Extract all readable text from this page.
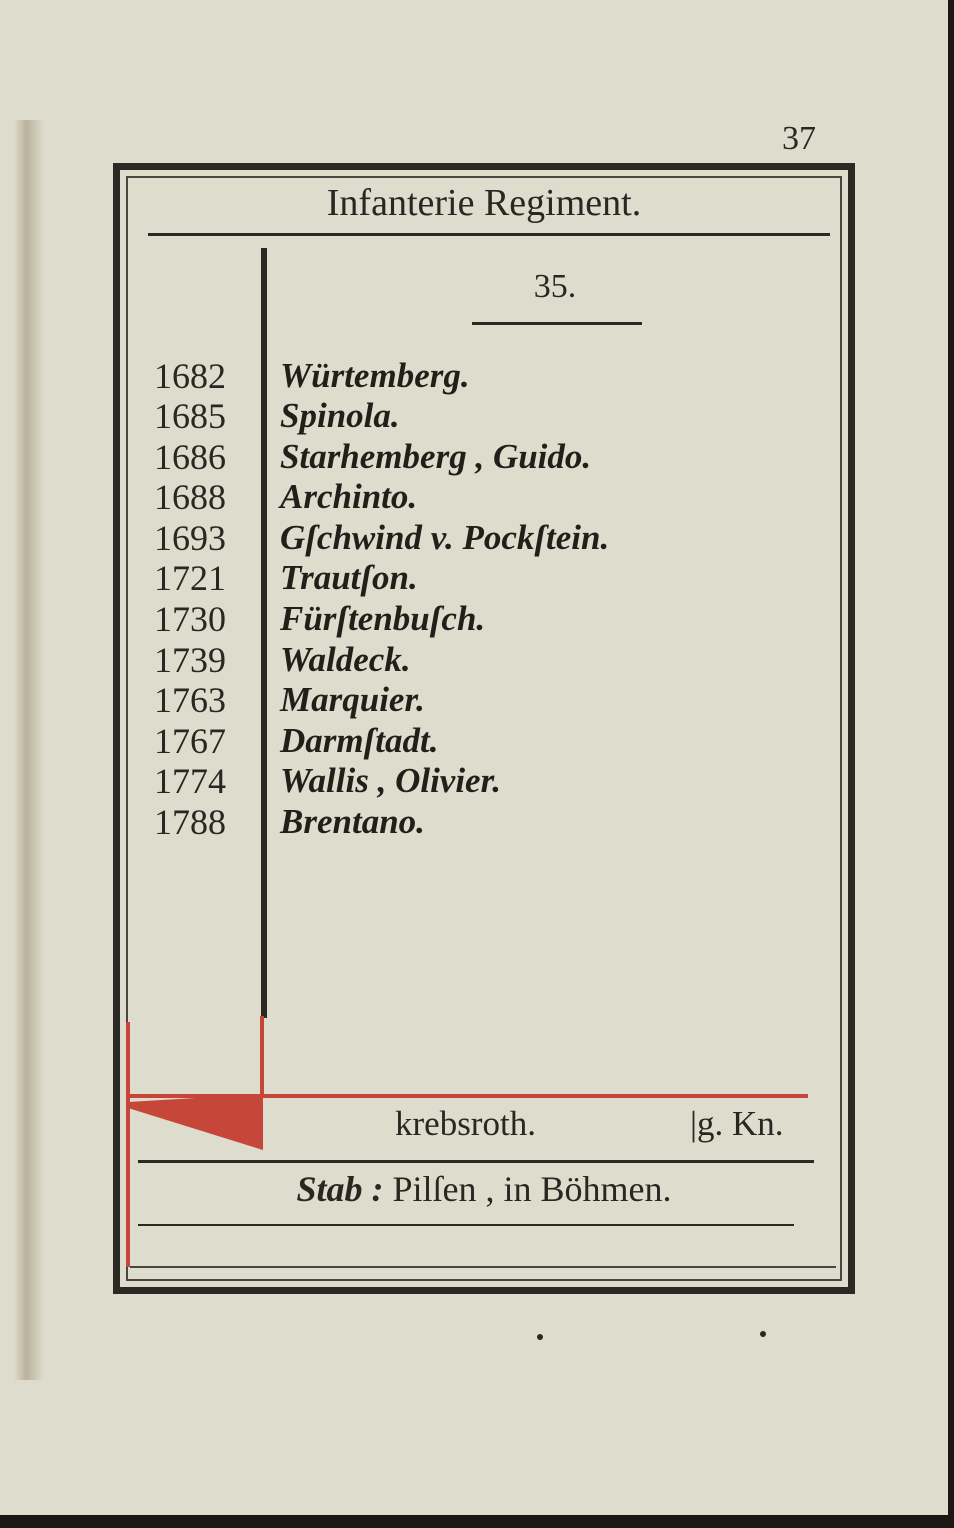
37
Infanterie Regiment.
35.
1682	Würtemberg.
1685	Spinola.
1686	Starhemberg , Guido.
1688	Archinto.
1693	Gſchwind v. Pockſtein.
1721	Trautſon.
1730	Fürſtenbuſch.
1739	Waldeck.
1763	Marquier.
1767	Darmſtadt.
1774	Wallis , Olivier.
1788	Brentano.
krebsroth.	|g. Kn.
Stab : Pilſen , in Böhmen.
